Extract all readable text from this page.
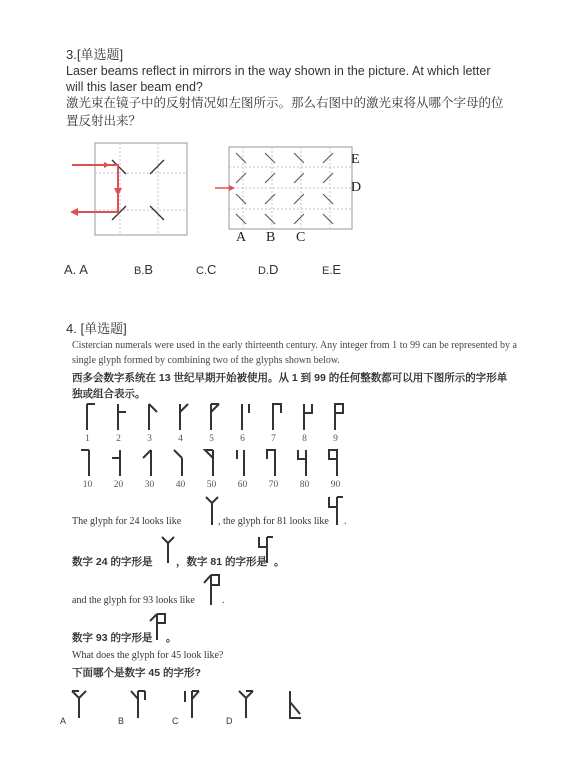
3.[单选题]
Laser beams reflect in mirrors in the way shown in the picture. At which letter will this laser beam end?
激光束在镜子中的反射情况如左图所示。那么右图中的激光束将从哪个字母的位置反射出来？
E
D
A B C
A. A	B.B	C.C	D.D	E.E
4. [单选题]
Cistercian numerals were used in the early thirteenth century. Any integer from 1 to 99 can be represented by a single glyph formed by combining two of the glyphs shown below.
西多会数字系统在 13 世纪早期开始被使用。从 1 到 99 的任何整数都可以用下图所示的字形单独或组合表示。
1	2	3	4	5	6	7	8	9
10	20	30	40	50	60	70	80	90
The glyph for 24 looks like	, the glyph for 81 looks like .
数字 24 的字形是 ，数字 81 的字形是 。
and the glyph for 93 looks like	.
数字 93 的字形是 。
What does the glyph for 45 look like?
下面哪个是数字 45 的字形?
A	B	C	D
